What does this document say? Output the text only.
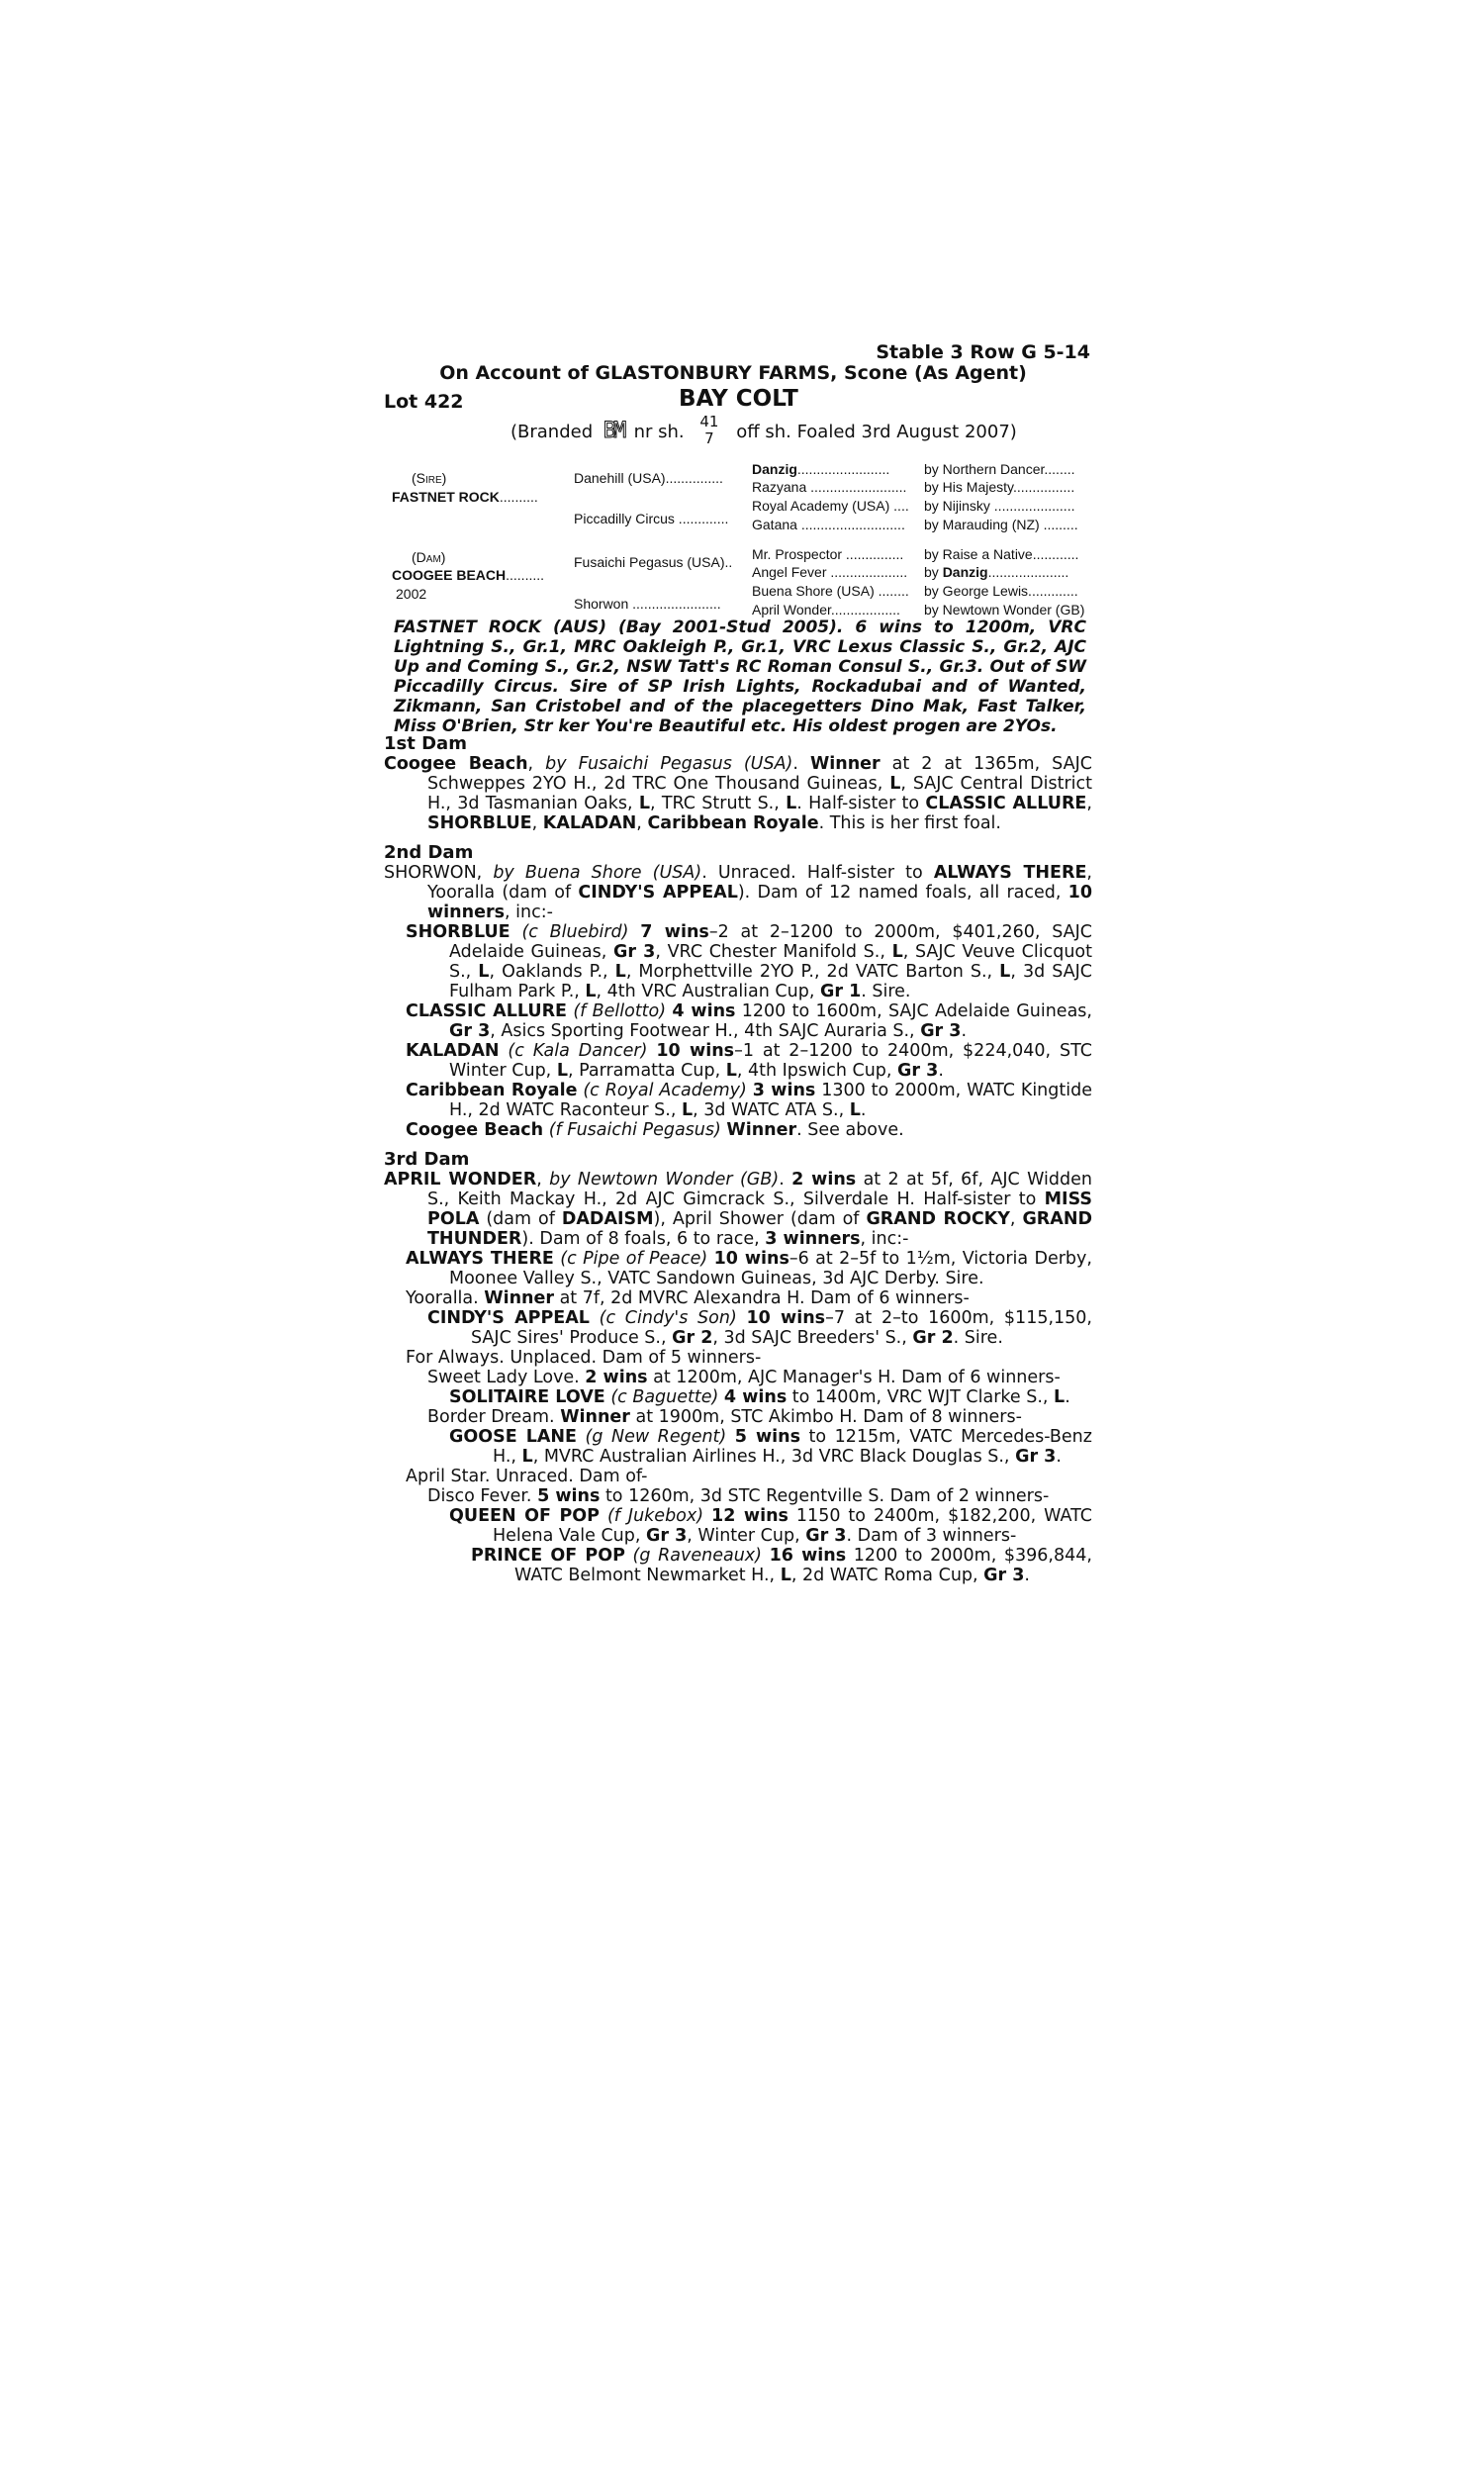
Stable 3 Row G 5-14
On Account of GLASTONBURY FARMS, Scone (As Agent)
Lot 422	BAY COLT
(Branded BM nr sh. 41
7 off sh. Foaled 3rd August 2007)
(Sire)
FASTNET ROCK..........
(Dam)
COOGEE BEACH..........
2002
Danehill (USA)...............
Piccadilly Circus .............
Fusaichi Pegasus (USA)..
Shorwon .......................
Danzig........................
Razyana .........................
Royal Academy (USA) ....
Gatana ...........................
Mr. Prospector ...............
Angel Fever ....................
Buena Shore (USA) ........
April Wonder..................
by Northern Dancer........
by His Majesty................
by Nijinsky .....................
by Marauding (NZ) .........
by Raise a Native............
by Danzig.....................
by George Lewis.............
by Newtown Wonder (GB)
FASTNET ROCK (AUS) (Bay 2001-Stud 2005). 6 wins to 1200m, VRC Lightning S., Gr.1, MRC Oakleigh P., Gr.1, VRC Lexus Classic S., Gr.2, AJC Up and Coming S., Gr.2, NSW Tatt's RC Roman Consul S., Gr.3. Out of SW Piccadilly Circus. Sire of SP Irish Lights, Rockadubai and of Wanted, Zikmann, San Cristobel and of the placegetters Dino Mak, Fast Talker, Miss O'Brien, Str ker You're Beautiful etc. His oldest progen are 2YOs.
1st Dam
Coogee Beach, by Fusaichi Pegasus (USA). Winner at 2 at 1365m, SAJC Schweppes 2YO H., 2d TRC One Thousand Guineas, L, SAJC Central District H., 3d Tasmanian Oaks, L, TRC Strutt S., L. Half-sister to CLASSIC ALLURE, SHORBLUE, KALADAN, Caribbean Royale. This is her first foal.
2nd Dam
SHORWON, by Buena Shore (USA). Unraced. Half-sister to ALWAYS THERE, Yooralla (dam of CINDY'S APPEAL). Dam of 12 named foals, all raced, 10 winners, inc:-
SHORBLUE (c Bluebird) 7 wins–2 at 2–1200 to 2000m, $401,260, SAJC Adelaide Guineas, Gr 3, VRC Chester Manifold S., L, SAJC Veuve Clicquot S., L, Oaklands P., L, Morphettville 2YO P., 2d VATC Barton S., L, 3d SAJC Fulham Park P., L, 4th VRC Australian Cup, Gr 1. Sire.
CLASSIC ALLURE (f Bellotto) 4 wins 1200 to 1600m, SAJC Adelaide Guineas, Gr 3, Asics Sporting Footwear H., 4th SAJC Auraria S., Gr 3.
KALADAN (c Kala Dancer) 10 wins–1 at 2–1200 to 2400m, $224,040, STC Winter Cup, L, Parramatta Cup, L, 4th Ipswich Cup, Gr 3.
Caribbean Royale (c Royal Academy) 3 wins 1300 to 2000m, WATC Kingtide H., 2d WATC Raconteur S., L, 3d WATC ATA S., L.
Coogee Beach (f Fusaichi Pegasus) Winner. See above.
3rd Dam
APRIL WONDER, by Newtown Wonder (GB). 2 wins at 2 at 5f, 6f, AJC Widden S., Keith Mackay H., 2d AJC Gimcrack S., Silverdale H. Half-sister to MISS POLA (dam of DADAISM), April Shower (dam of GRAND ROCKY, GRAND THUNDER). Dam of 8 foals, 6 to race, 3 winners, inc:-
ALWAYS THERE (c Pipe of Peace) 10 wins–6 at 2–5f to 1½m, Victoria Derby, Moonee Valley S., VATC Sandown Guineas, 3d AJC Derby. Sire.
Yooralla. Winner at 7f, 2d MVRC Alexandra H. Dam of 6 winners-
CINDY'S APPEAL (c Cindy's Son) 10 wins–7 at 2–to 1600m, $115,150, SAJC Sires' Produce S., Gr 2, 3d SAJC Breeders' S., Gr 2. Sire.
For Always. Unplaced. Dam of 5 winners-
Sweet Lady Love. 2 wins at 1200m, AJC Manager's H. Dam of 6 winners-
SOLITAIRE LOVE (c Baguette) 4 wins to 1400m, VRC WJT Clarke S., L.
Border Dream. Winner at 1900m, STC Akimbo H. Dam of 8 winners-
GOOSE LANE (g New Regent) 5 wins to 1215m, VATC Mercedes-Benz H., L, MVRC Australian Airlines H., 3d VRC Black Douglas S., Gr 3.
April Star. Unraced. Dam of-
Disco Fever. 5 wins to 1260m, 3d STC Regentville S. Dam of 2 winners-
QUEEN OF POP (f Jukebox) 12 wins 1150 to 2400m, $182,200, WATC Helena Vale Cup, Gr 3, Winter Cup, Gr 3. Dam of 3 winners-
PRINCE OF POP (g Raveneaux) 16 wins 1200 to 2000m, $396,844, WATC Belmont Newmarket H., L, 2d WATC Roma Cup, Gr 3.
